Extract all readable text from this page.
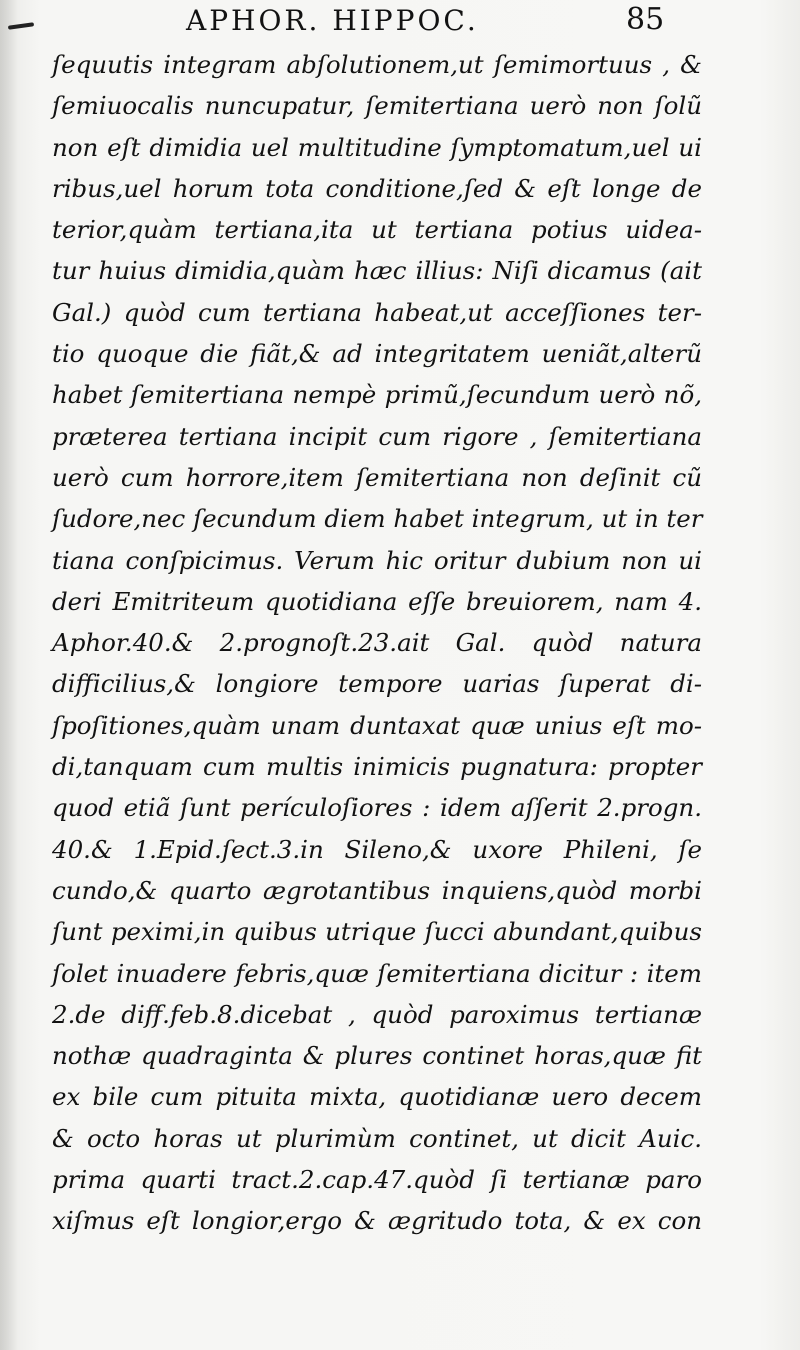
APHOR. HIPPOC.	85
ſequutis integram abſolutionem,ut ſemimortuus , &
ſemiuocalis nuncupatur, ſemitertiana uerò non ſolũ
non eſt dimidia uel multitudine ſymptomatum,uel ui
ribus,uel horum tota conditione,ſed & eſt longe de
terior,quàm tertiana,ita ut tertiana potius uidea-
tur huius dimidia,quàm hæc illius: Niſi dicamus (ait
Gal.) quòd cum tertiana habeat,ut acceſſiones ter-
tio quoque die fiãt,& ad integritatem ueniãt,alterũ
habet ſemitertiana nempè primũ,ſecundum uerò nõ,
præterea tertiana incipit cum rigore , ſemitertiana
uerò cum horrore,item ſemitertiana non deſinit cũ
ſudore,nec ſecundum diem habet integrum, ut in ter
tiana conſpicimus. Verum hic oritur dubium non ui
deri Emitriteum quotidiana eſſe breuiorem, nam 4.
Aphor.40.& 2.prognoſt.23.ait Gal. quòd natura
difficilius,& longiore tempore uarias ſuperat di-
ſpoſitiones,quàm unam duntaxat quæ unius eſt mo-
di,tanquam cum multis inimicis pugnatura: propter
quod etiã ſunt perículoſiores : idem aſſerit 2.progn.
40.& 1.Epid.ſect.3.in Sileno,& uxore Phileni, ſe
cundo,& quarto ægrotantibus inquiens,quòd morbi
ſunt peximi,in quibus utrique ſucci abundant,quibus
ſolet inuadere febris,quæ ſemitertiana dicitur : item
2.de diff.feb.8.dicebat , quòd paroximus tertianæ
nothæ quadraginta & plures continet horas,quæ fit
ex bile cum pituita mixta, quotidianæ uero decem
& octo horas ut plurimùm continet, ut dicit Auic.
prima quarti tract.2.cap.47.quòd ſi tertianæ paro
xiſmus eſt longior,ergo & ægritudo tota, & ex con
